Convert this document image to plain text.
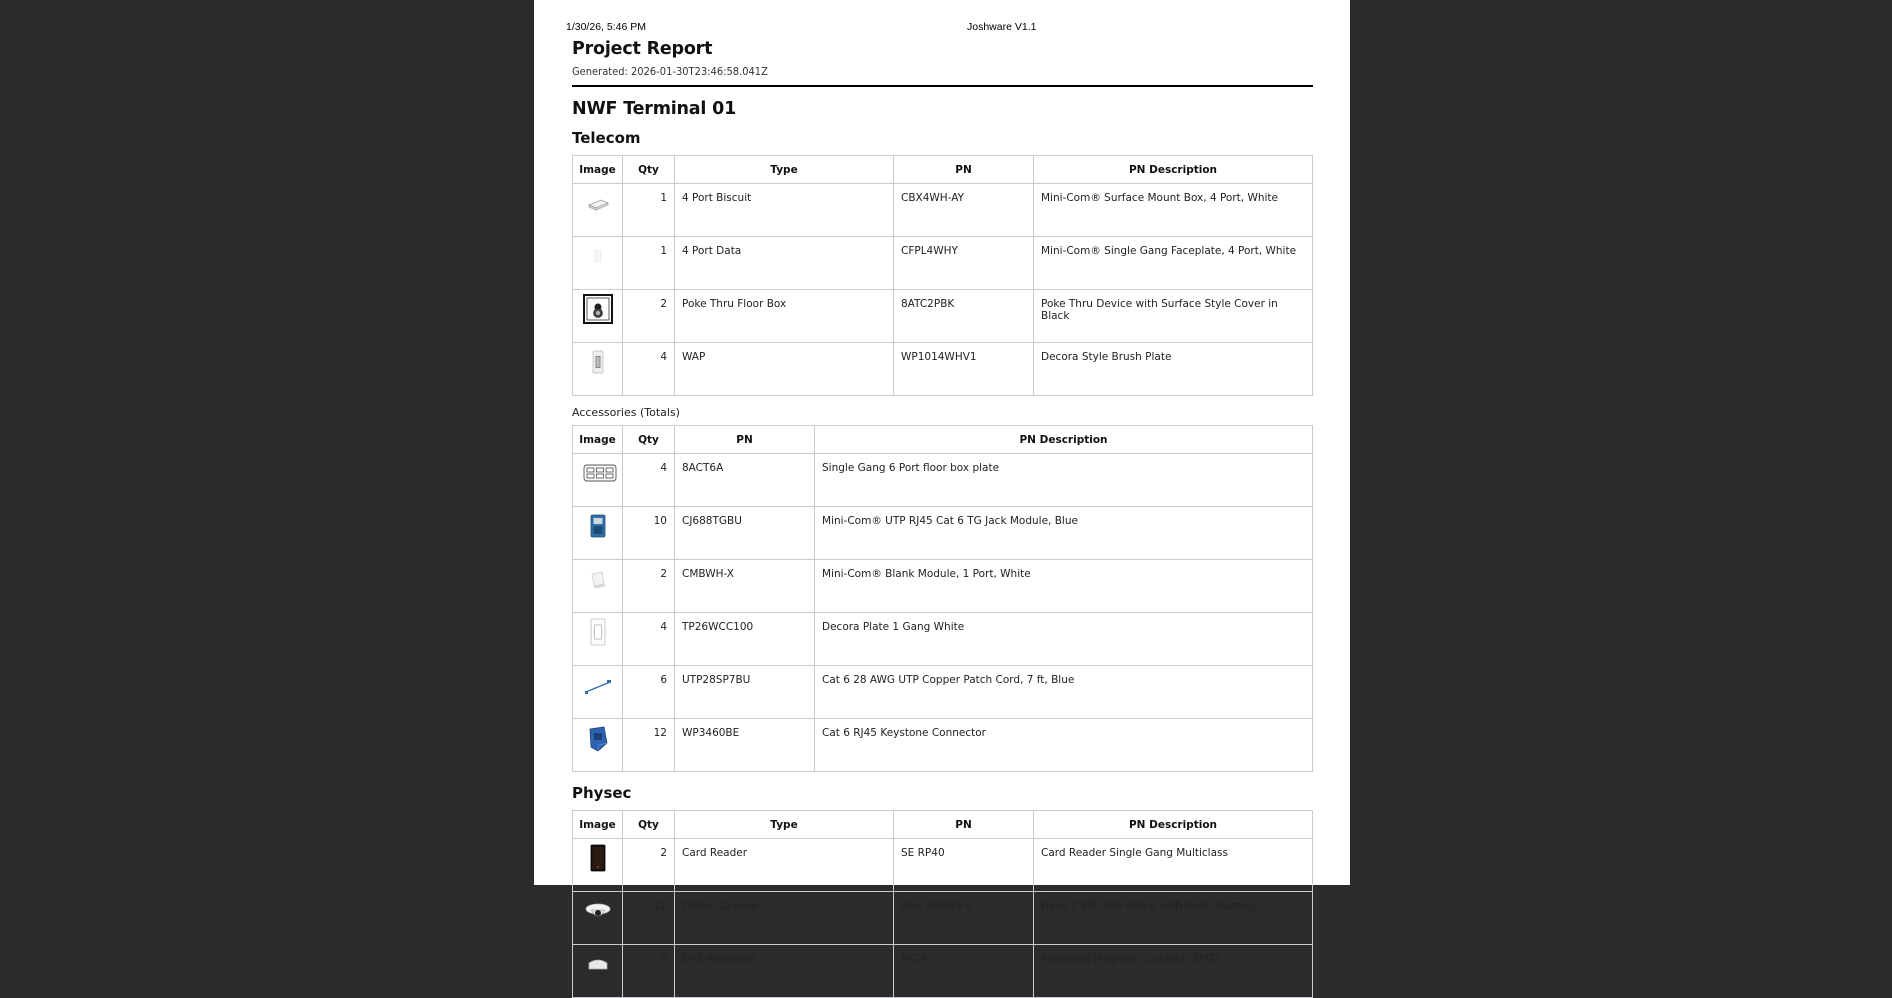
1/30/26, 5:46 PM	Joshware V1.1
Project Report
Generated: 2026-01-30T23:46:58.041Z
NWF Terminal 01
Telecom
Image	Qty	Type	PN	PN Description
	1	4 Port Biscuit	CBX4WH-AY	Mini-Com® Surface Mount Box, 4 Port, White
	1	4 Port Data	CFPL4WHY	Mini-Com® Single Gang Faceplate, 4 Port, White
	2	Poke Thru Floor Box	8ATC2PBK	Poke Thru Device with Surface Style Cover in Black
	4	WAP	WP1014WHV1	Decora Style Brush Plate
Accessories (Totals)
Image	Qty	PN	PN Description
	4	8ACT6A	Single Gang 6 Port floor box plate
	10	CJ688TGBU	Mini-Com® UTP RJ45 Cat 6 TG Jack Module, Blue
	2	CMBWH-X	Mini-Com® Blank Module, 1 Port, White
	4	TP26WCC100	Decora Plate 1 Gang White
	6	UTP28SP7BU	Cat 6 28 AWG UTP Copper Patch Cord, 7 ft, Blue
	12	WP3460BE	Cat 6 RJ45 Keystone Connector
Physec
Image	Qty	Type	PN	PN Description
	2	Card Reader	SE RP40	Card Reader Single Gang Multiclass
	12	Dome Camera	Axis M3085-V	Fixed 2 MP mini dome with deep learning
	9	DPS Recessed	MC-4	Recessed Magnetic Contact, SPDT
